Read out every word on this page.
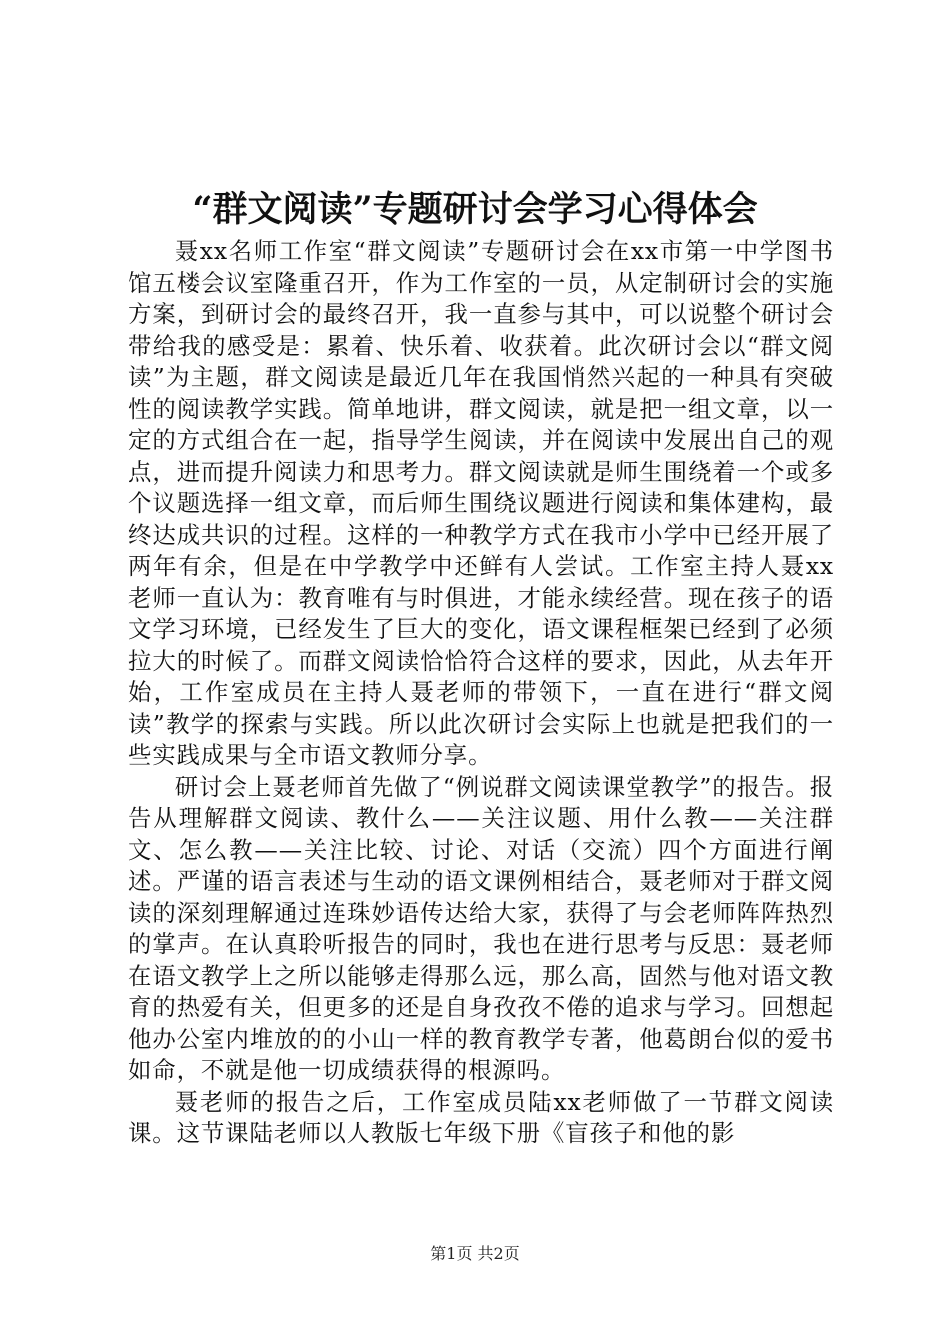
“群文阅读”专题研讨会学习心得体会

聂xx名师工作室“群文阅读”专题研讨会在xx市第一中学图书馆五楼会议室隆重召开，作为工作室的一员，从定制研讨会的实施方案，到研讨会的最终召开，我一直参与其中，可以说整个研讨会带给我的感受是：累着、快乐着、收获着。此次研讨会以“群文阅读”为主题，群文阅读是最近几年在我国悄然兴起的一种具有突破性的阅读教学实践。简单地讲，群文阅读，就是把一组文章，以一定的方式组合在一起，指导学生阅读，并在阅读中发展出自己的观点，进而提升阅读力和思考力。群文阅读就是师生围绕着一个或多个议题选择一组文章，而后师生围绕议题进行阅读和集体建构，最终达成共识的过程。这样的一种教学方式在我市小学中已经开展了两年有余，但是在中学教学中还鲜有人尝试。工作室主持人聂xx老师一直认为：教育唯有与时俱进，才能永续经营。现在孩子的语文学习环境，已经发生了巨大的变化，语文课程框架已经到了必须拉大的时候了。而群文阅读恰恰符合这样的要求，因此，从去年开始，工作室成员在主持人聂老师的带领下，一直在进行“群文阅读”教学的探索与实践。所以此次研讨会实际上也就是把我们的一些实践成果与全市语文教师分享。

研讨会上聂老师首先做了“例说群文阅读课堂教学”的报告。报告从理解群文阅读、教什么——关注议题、用什么教——关注群文、怎么教——关注比较、讨论、对话（交流）四个方面进行阐述。严谨的语言表述与生动的语文课例相结合，聂老师对于群文阅读的深刻理解通过连珠妙语传达给大家，获得了与会老师阵阵热烈的掌声。在认真聆听报告的同时，我也在进行思考与反思：聂老师在语文教学上之所以能够走得那么远，那么高，固然与他对语文教育的热爱有关，但更多的还是自身孜孜不倦的追求与学习。回想起他办公室内堆放的的小山一样的教育教学专著，他葛朗台似的爱书如命，不就是他一切成绩获得的根源吗。

聂老师的报告之后，工作室成员陆xx老师做了一节群文阅读课。这节课陆老师以人教版七年级下册《盲孩子和他的影

第1页 共2页
